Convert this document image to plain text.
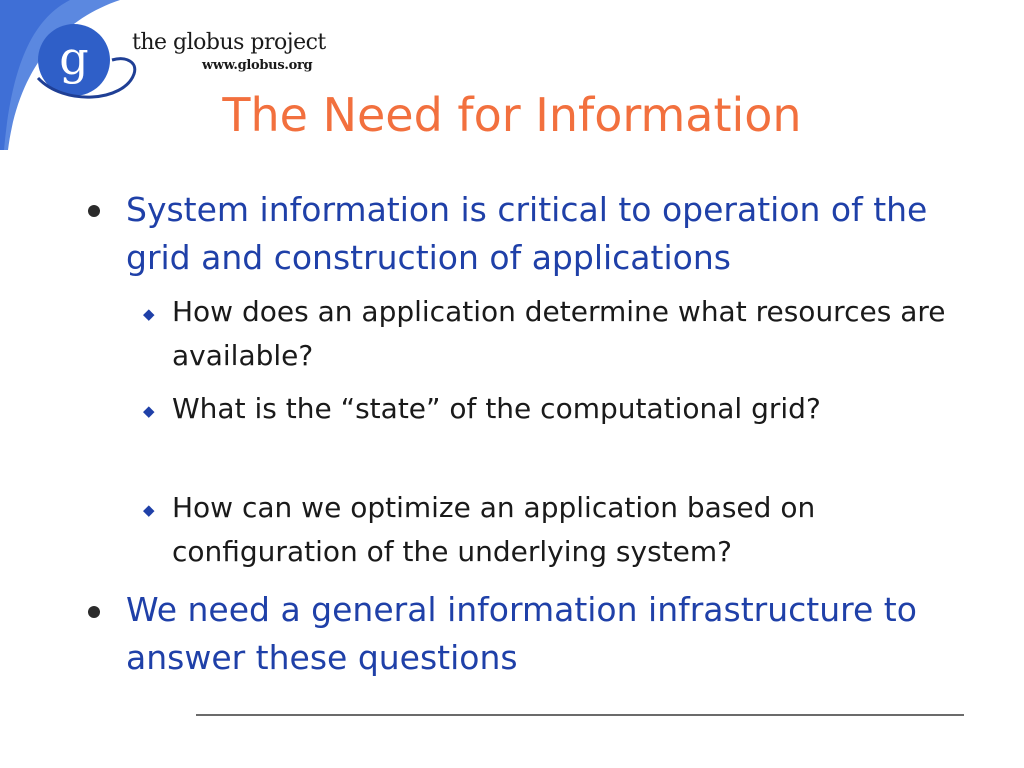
g the globus project
www.globus.org
The Need for Information
System information is critical to operation of the grid and construction of applications
◆ How does an application determine what resources are available?
◆ What is the “state” of the computational grid?
◆ How can we optimize an application based on configuration of the underlying system?
We need a general information infrastructure to answer these questions
